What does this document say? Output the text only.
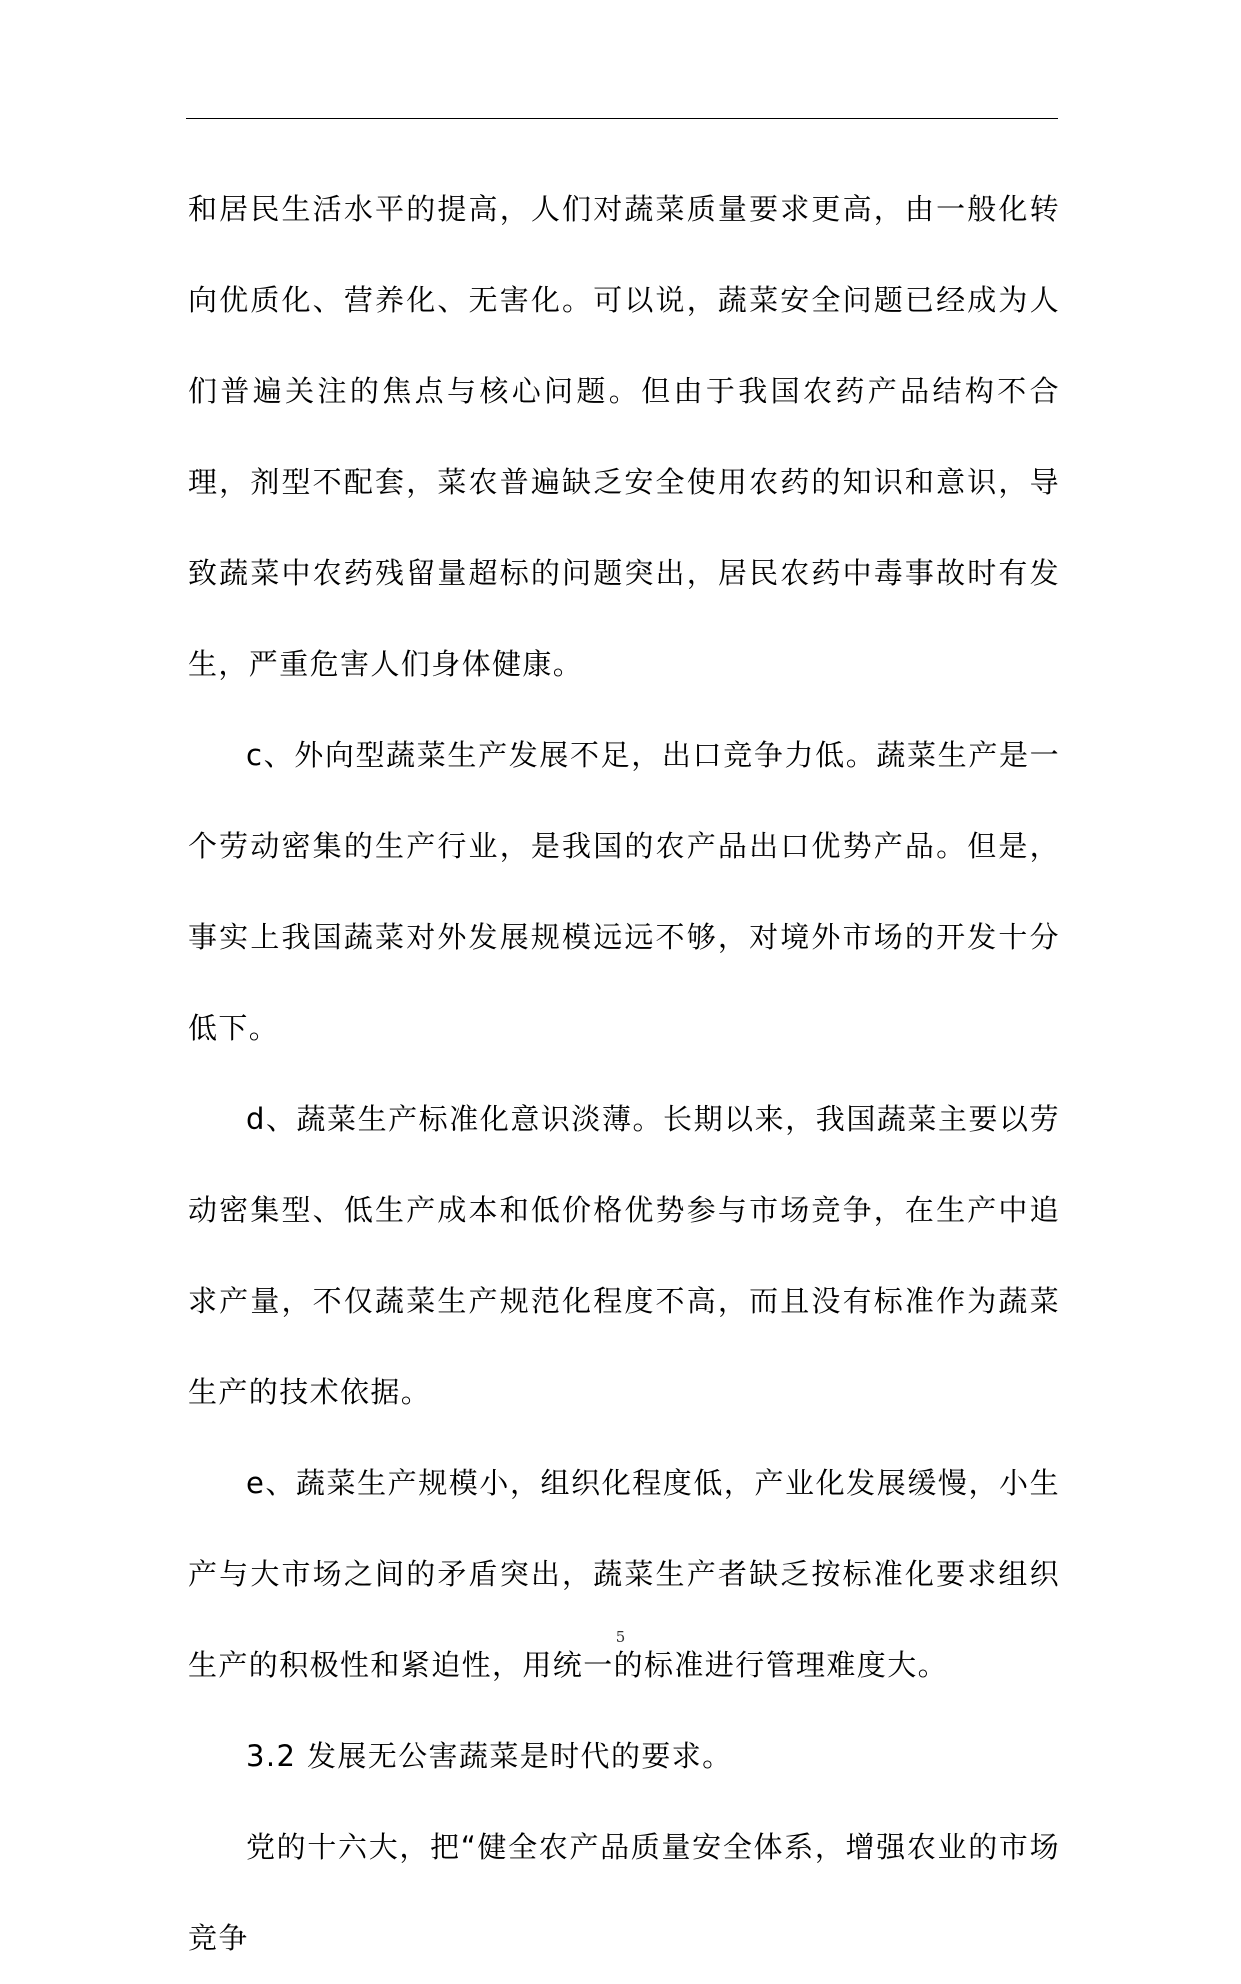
和居民生活水平的提高，人们对蔬菜质量要求更高，由一般化转向优质化、营养化、无害化。可以说，蔬菜安全问题已经成为人们普遍关注的焦点与核心问题。但由于我国农药产品结构不合理，剂型不配套，菜农普遍缺乏安全使用农药的知识和意识，导致蔬菜中农药残留量超标的问题突出，居民农药中毒事故时有发生，严重危害人们身体健康。

c、外向型蔬菜生产发展不足，出口竞争力低。蔬菜生产是一个劳动密集的生产行业，是我国的农产品出口优势产品。但是，事实上我国蔬菜对外发展规模远远不够，对境外市场的开发十分低下。

d、蔬菜生产标准化意识淡薄。长期以来，我国蔬菜主要以劳动密集型、低生产成本和低价格优势参与市场竞争，在生产中追求产量，不仅蔬菜生产规范化程度不高，而且没有标准作为蔬菜生产的技术依据。

e、蔬菜生产规模小，组织化程度低，产业化发展缓慢，小生产与大市场之间的矛盾突出，蔬菜生产者缺乏按标准化要求组织生产的积极性和紧迫性，用统一的标准进行管理难度大。

3.2 发展无公害蔬菜是时代的要求。

党的十六大，把“健全农产品质量安全体系，增强农业的市场竞争

5
